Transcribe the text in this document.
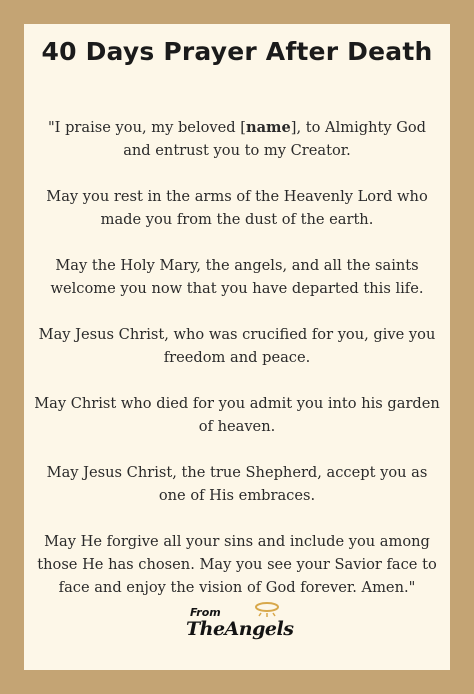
40 Days Prayer After Death

"I praise you, my beloved [name], to Almighty God and entrust you to my Creator.

May you rest in the arms of the Heavenly Lord who made you from the dust of the earth.

May the Holy Mary, the angels, and all the saints welcome you now that you have departed this life.

May Jesus Christ, who was crucified for you, give you freedom and peace.

May Christ who died for you admit you into his garden of heaven.

May Jesus Christ, the true Shepherd, accept you as one of His embraces.

May He forgive all your sins and include you among those He has chosen. May you see your Savior face to face and enjoy the vision of God forever. Amen."

From
TheAngels
